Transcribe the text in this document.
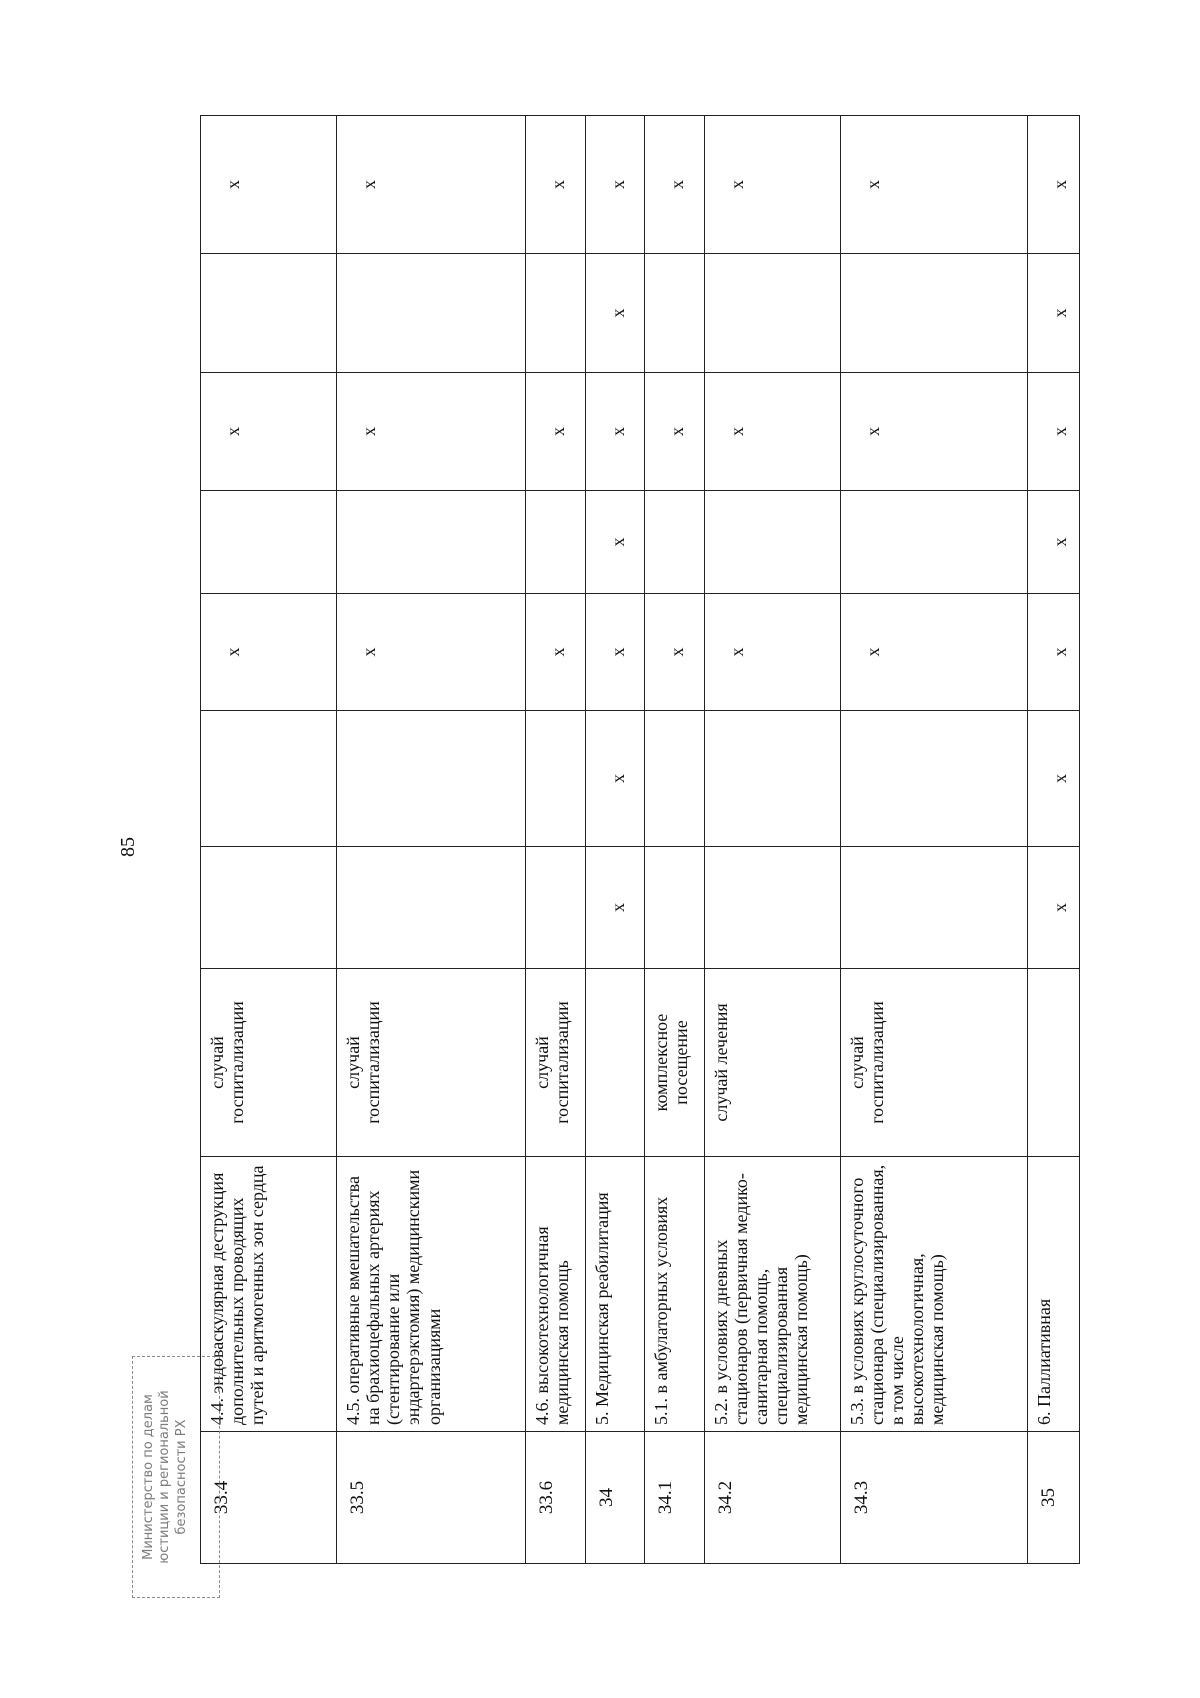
85
33.4	4.4. эндоваскулярная деструкция дополнительных проводящих путей и аритмогенных зон сердца	случай госпитализации			x		x		x
33.5	4.5. оперативные вмешательства на брахиоцефальных артериях (стентирование или эндартерэктомия) медицинскими организациями	случай госпитализации			x		x		x
33.6	4.6. высокотехнологичная медицинская помощь	случай госпитализации			x		x		x
34	5. Медицинская реабилитация		x	x	x	x	x	x	x
34.1	5.1. в амбулаторных условиях	комплексное посещение			x		x		x
34.2	5.2. в условиях дневных стационаров (первичная медико-санитарная помощь, специализированная медицинская помощь)	случай лечения			x		x		x
34.3	5.3. в условиях круглосуточного стационара (специализированная, в том числе высокотехнологичная, медицинская помощь)	случай госпитализации			x		x		x
35	6. Паллиативная		x	x	x	x	x	x	x
Министерство по делам юстиции и региональной безопасности РХ
